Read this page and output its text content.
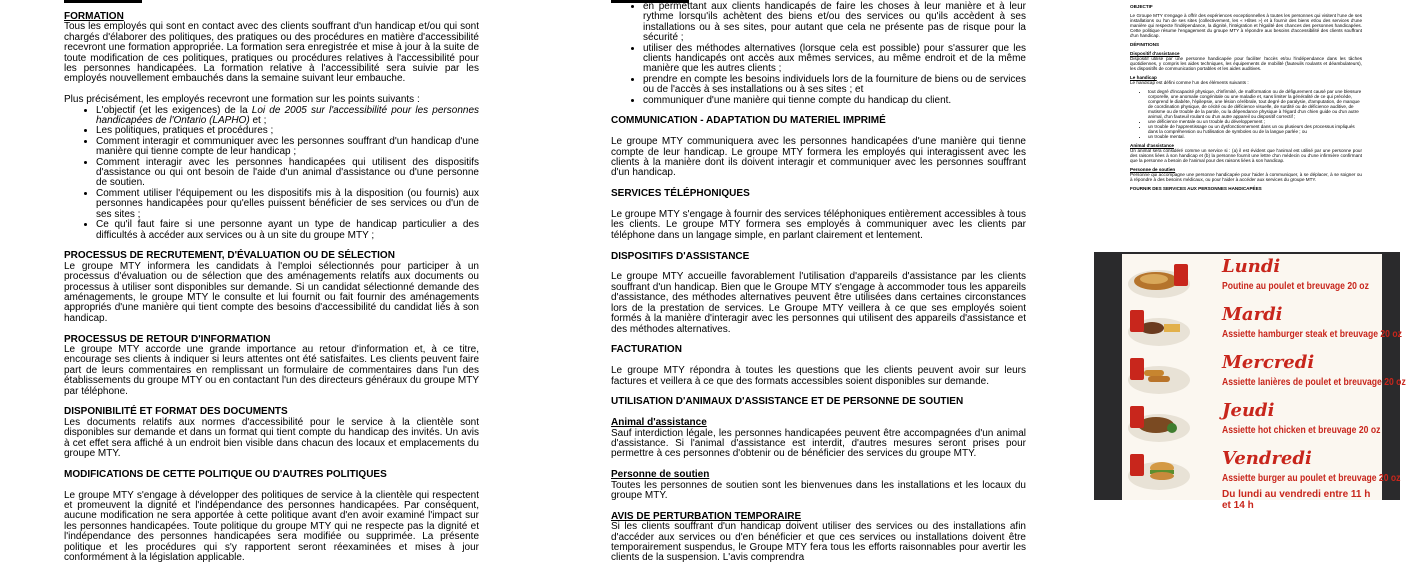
FORMATION

Tous les employés qui sont en contact avec des clients souffrant d'un handicap et/ou qui sont chargés d'élaborer des politiques, des pratiques ou des procédures en matière d'accessibilité recevront une formation appropriée. La formation sera enregistrée et mise à jour à la suite de toute modification de ces politiques, pratiques ou procédures relatives à l'accessibilité pour les personnes handicapées. La formation relative à l'accessibilité sera suivie par les employés nouvellement embauchés dans la semaine suivant leur embauche.

Plus précisément, les employés recevront une formation sur les points suivants :

• L'objectif (et les exigences) de la Loi de 2005 sur l'accessibilité pour les personnes handicapées de l'Ontario (LAPHO) et ;
• Les politiques, pratiques et procédures ;
• Comment interagir et communiquer avec les personnes souffrant d'un handicap d'une manière qui tienne compte de leur handicap ;
• Comment interagir avec les personnes handicapées qui utilisent des dispositifs d'assistance ou qui ont besoin de l'aide d'un animal d'assistance ou d'une personne de soutien.
• Comment utiliser l'équipement ou les dispositifs mis à la disposition (ou fournis) aux personnes handicapées pour qu'elles puissent bénéficier de ses services ou d'un de ses sites ;
• Ce qu'il faut faire si une personne ayant un type de handicap particulier a des difficultés à accéder aux services ou à un site du groupe MTY ;

PROCESSUS DE RECRUTEMENT, D'ÉVALUATION OU DE SÉLECTION

Le groupe MTY informera les candidats à l'emploi sélectionnés pour participer à un processus d'évaluation ou de sélection que des aménagements relatifs aux documents ou processus à utiliser sont disponibles sur demande. Si un candidat sélectionné demande des aménagements, le groupe MTY le consulte et lui fournit ou fait fournir des aménagements appropriés d'une manière qui tient compte des besoins d'accessibilité du candidat liés à son handicap.

PROCESSUS DE RETOUR D'INFORMATION

Le groupe MTY accorde une grande importance au retour d'information et, à ce titre, encourage ses clients à indiquer si leurs attentes ont été satisfaites. Les clients peuvent faire part de leurs commentaires en remplissant un formulaire de commentaires dans l'un des établissements du groupe MTY ou en contactant l'un des directeurs généraux du groupe MTY par téléphone.

DISPONIBILITÉ ET FORMAT DES DOCUMENTS

Les documents relatifs aux normes d'accessibilité pour le service à la clientèle sont disponibles sur demande et dans un format qui tient compte du handicap des invités. Un avis à cet effet sera affiché à un endroit bien visible dans chacun des locaux et emplacements du groupe MTY.

MODIFICATIONS DE CETTE POLITIQUE OU D'AUTRES POLITIQUES

Le groupe MTY s'engage à développer des politiques de service à la clientèle qui respectent et promeuvent la dignité et l'indépendance des personnes handicapées. Par conséquent, aucune modification ne sera apportée à cette politique avant d'en avoir examiné l'impact sur les personnes handicapées. Toute politique du groupe MTY qui ne respecte pas la dignité et l'indépendance des personnes handicapées sera modifiée ou supprimée. La présente politique et les procédures qui s'y rapportent seront réexaminées et mises à jour conformément à la législation applicable.

• en permettant aux clients handicapés de faire les choses à leur manière et à leur rythme lorsqu'ils achètent des biens et/ou des services ou qu'ils accèdent à ses installations ou à ses sites, pour autant que cela ne présente pas de risque pour la sécurité ;
• utiliser des méthodes alternatives (lorsque cela est possible) pour s'assurer que les clients handicapés ont accès aux mêmes services, au même endroit et de la même manière que les autres clients ;
• prendre en compte les besoins individuels lors de la fourniture de biens ou de services ou de l'accès à ses installations ou à ses sites ; et
• communiquer d'une manière qui tienne compte du handicap du client.

COMMUNICATION - ADAPTATION DU MATERIEL IMPRIMÉ

Le groupe MTY communiquera avec les personnes handicapées d'une manière qui tienne compte de leur handicap. Le groupe MTY formera les employés qui interagissent avec les clients à la manière dont ils doivent interagir et communiquer avec les personnes souffrant d'un handicap.

SERVICES TÉLÉPHONIQUES

Le groupe MTY s'engage à fournir des services téléphoniques entièrement accessibles à tous les clients. Le groupe MTY formera ses employés à communiquer avec les clients par téléphone dans un langage simple, en parlant clairement et lentement.

DISPOSITIFS D'ASSISTANCE

Le groupe MTY accueille favorablement l'utilisation d'appareils d'assistance par les clients souffrant d'un handicap. Bien que le Groupe MTY s'engage à accommoder tous les appareils d'assistance, des méthodes alternatives peuvent être utilisées dans certaines circonstances lors de la prestation de services. Le Groupe MTY veillera à ce que ses employés soient formés à la manière d'interagir avec les personnes qui utilisent des appareils d'assistance et des méthodes alternatives.

FACTURATION

Le groupe MTY répondra à toutes les questions que les clients peuvent avoir sur leurs factures et veillera à ce que des formats accessibles soient disponibles sur demande.

UTILISATION D'ANIMAUX D'ASSISTANCE ET DE PERSONNE DE SOUTIEN

Animal d'assistance

Sauf interdiction légale, les personnes handicapées peuvent être accompagnées d'un animal d'assistance. Si l'animal d'assistance est interdit, d'autres mesures seront prises pour permettre à ces personnes d'obtenir ou de bénéficier des services du groupe MTY.

Personne de soutien

Toutes les personnes de soutien sont les bienvenues dans les installations et les locaux du groupe MTY.

AVIS DE PERTURBATION TEMPORAIRE

Si les clients souffrant d'un handicap doivent utiliser des services ou des installations afin d'accéder aux services ou d'en bénéficier et que ces services ou installations doivent être temporairement suspendus, le Groupe MTY fera tous les efforts raisonnables pour avertir les clients de la suspension. L'avis comprendra

OBJECTIF

Le Groupe MTY s'engage à offrir des expériences exceptionnelles à toutes les personnes qui visitent l'une de ses installations ou l'un de ses sites (collectivement, les « Hôtes ») et à fournir des biens et/ou des services d'une manière qui respecte l'indépendance, la dignité, l'intégration et l'égalité des chances des personnes handicapées. Cette politique résume l'engagement du groupe MTY à répondre aux besoins d'accessibilité des clients souffrant d'un handicap.

DÉFINITIONS

Dispositif d'assistance

Dispositif utilisé par une personne handicapée pour faciliter l'accès et/ou l'indépendance dans les tâches quotidiennes, y compris les aides techniques, les équipements de mobilité (fauteuils roulants et déambulateurs), les dispositifs de communication portables et les aides auditives.

Le handicap

Le handicap est défini comme l'un des éléments suivants :

• tout degré d'incapacité physique, d'infirmité, de malformation ou de défigurement causé par une blessure corporelle, une anomalie congénitale ou une maladie et, sans limiter la généralité de ce qui précède, comprend le diabète, l'épilepsie, une lésion cérébrale, tout degré de paralysie, d'amputation, de manque de coordination physique, de cécité ou de déficience visuelle, de surdité ou de déficience auditive, de mutisme ou de trouble de la parole, ou la dépendance physique à l'égard d'un chien guide ou d'un autre animal, d'un fauteuil roulant ou d'un autre appareil ou dispositif correctif ;
• une déficience mentale ou un trouble du développement ;
• un trouble de l'apprentissage ou un dysfonctionnement dans un ou plusieurs des processus impliqués dans la compréhension ou l'utilisation de symboles ou de la langue parlée ; ou
• un trouble mental.

Animal d'assistance

Un animal sera considéré comme un service si : (a) il est évident que l'animal est utilisé par une personne pour des raisons liées à son handicap et (b) la personne fournit une lettre d'un médecin ou d'une infirmière confirmant que la personne a besoin de l'animal pour des raisons liées à son handicap.

Personne de soutien

Personne qui accompagne une personne handicapée pour l'aider à communiquer, à se déplacer, à se soigner ou à répondre à des besoins médicaux, ou pour l'aider à accéder aux services du groupe MTY.

FOURNIR DES SERVICES AUX PERSONNES HANDICAPÉES

Lundi
Poutine au poulet et breuvage 20 oz
Mardi
Assiette hamburger steak et breuvage 20 oz
Mercredi
Assiette lanières de poulet et breuvage 20 oz
Jeudi
Assiette hot chicken et breuvage 20 oz
Vendredi
Assiette burger au poulet et breuvage 20 oz
Du lundi au vendredi entre 11 h et 14 h
